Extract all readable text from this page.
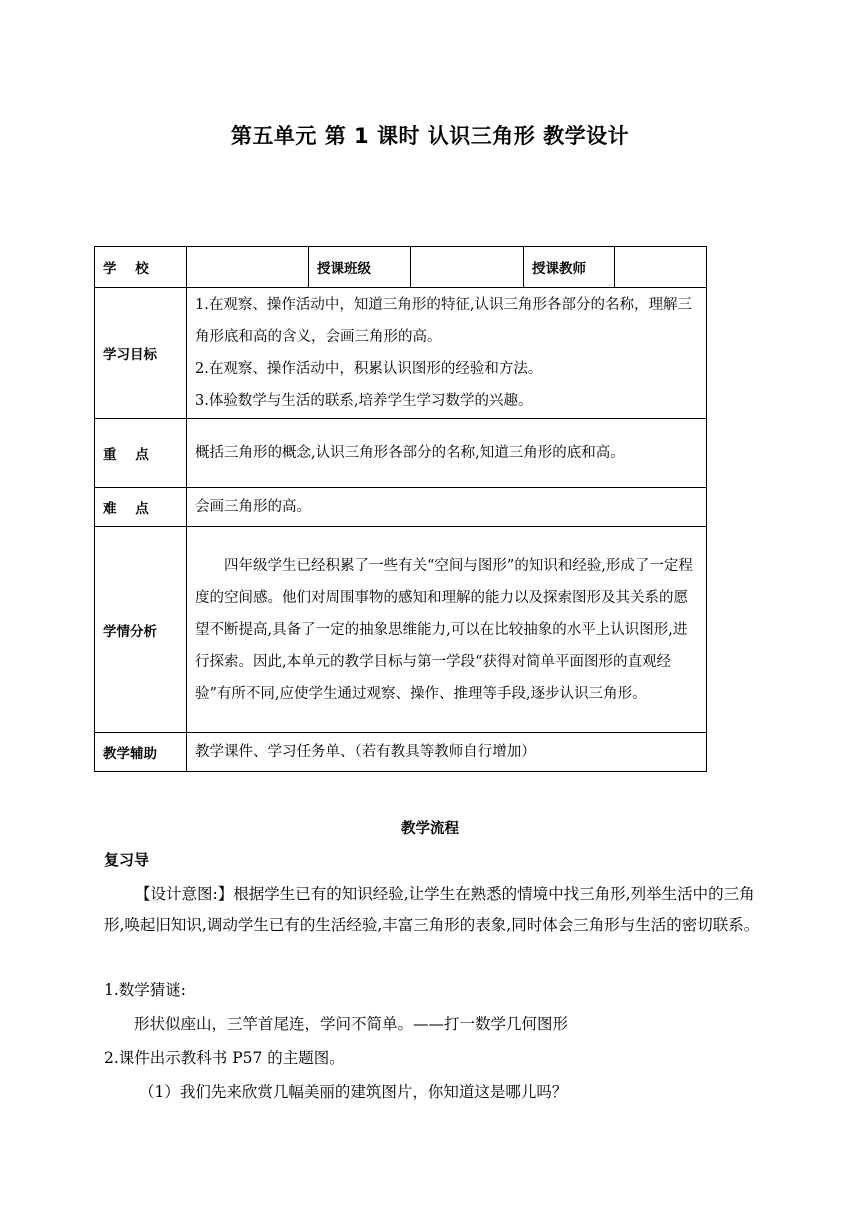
第五单元 第 1 课时 认识三角形 教学设计
学    校		授课班级		授课教师	
学习目标	1.在观察、操作活动中，知道三角形的特征,认识三角形各部分的名称，理解三角形底和高的含义，会画三角形的高。

2.在观察、操作活动中，积累认识图形的经验和方法。

3.体验数学与生活的联系,培养学生学习数学的兴趣。				

重    点	概括三角形的概念,认识三角形各部分的名称,知道三角形的底和高。				

难    点	会画三角形的高。				

学情分析	四年级学生已经积累了一些有关“空间与图形”的知识和经验,形成了一定程度的空间感。他们对周围事物的感知和理解的能力以及探索图形及其关系的愿望不断提高,具备了一定的抽象思维能力,可以在比较抽象的水平上认识图形,进行探索。因此,本单元的教学目标与第一学段“获得对简单平面图形的直观经验”有所不同,应使学生通过观察、操作、推理等手段,逐步认识三角形。				

教学辅助	教学课件、学习任务单、（若有教具等教师自行增加）				

教学流程
复习导

【设计意图:】根据学生已有的知识经验,让学生在熟悉的情境中找三角形,列举生活中的三角形,唤起旧知识,调动学生已有的生活经验,丰富三角形的表象,同时体会三角形与生活的密切联系。

1.数学猜谜:
形状似座山，三竿首尾连，学问不简单。——打一数学几何图形
2.课件出示教科书 P57 的主题图。
（1）我们先来欣赏几幅美丽的建筑图片，你知道这是哪儿吗？
